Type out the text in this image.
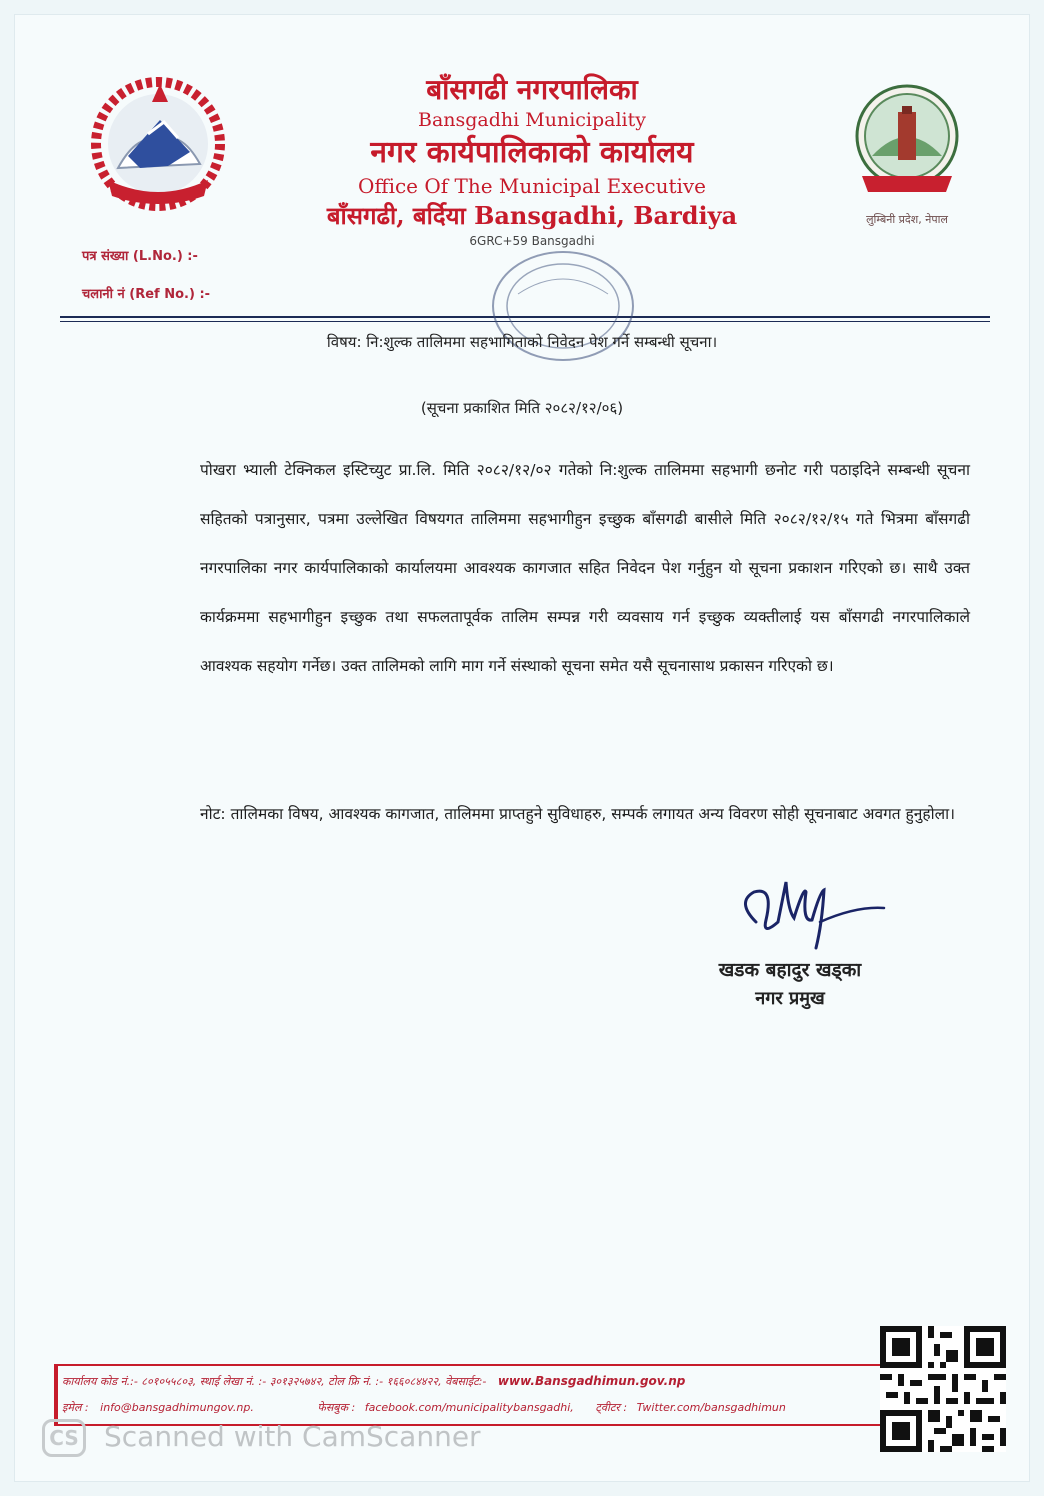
लुम्बिनी प्रदेश, नेपाल

बाँसगढी नगरपालिका

Bansgadhi Municipality

नगर कार्यपालिकाको कार्यालय

Office Of The Municipal Executive

बाँसगढी, बर्दिया Bansgadhi, Bardiya

6GRC+59 Bansgadhi

पत्र संख्या (L.No.) :-
चलानी नं (Ref No.) :-
विषय: नि:शुल्क तालिममा सहभागिताको निवेदन पेश गर्ने सम्बन्धी सूचना।
(सूचना प्रकाशित मिति २०८२/१२/०६)
पोखरा भ्याली टेक्निकल इस्टिच्युट प्रा.लि. मिति २०८२/१२/०२ गतेको नि:शुल्क तालिममा सहभागी छनोट गरी पठाइदिने सम्बन्धी सूचना सहितको पत्रानुसार, पत्रमा उल्लेखित विषयगत तालिममा सहभागीहुन इच्छुक बाँसगढी बासीले मिति २०८२/१२/१५ गते भित्रमा बाँसगढी नगरपालिका नगर कार्यपालिकाको कार्यालयमा आवश्यक कागजात सहित निवेदन पेश गर्नुहुन यो सूचना प्रकाशन गरिएको छ। साथै उक्त कार्यक्रममा सहभागीहुन इच्छुक तथा सफलतापूर्वक तालिम सम्पन्न गरी व्यवसाय गर्न इच्छुक व्यक्तीलाई यस बाँसगढी नगरपालिकाले आवश्यक सहयोग गर्नेछ। उक्त तालिमको लागि माग गर्ने संस्थाको सूचना समेत यसै सूचनासाथ प्रकासन गरिएको छ।
नोट: तालिमका विषय, आवश्यक कागजात, तालिममा प्राप्तहुने सुविधाहरु, सम्पर्क लगायत अन्य विवरण सोही सूचनाबाट अवगत हुनुहोला।
खडक बहादुर खड्का
नगर प्रमुख
कार्यालय कोड नं.:- ८०१०५५८०३, स्थाई लेखा नं. :- ३०१३२५७४२, टोल फ्रि नं. :- १६६०८४४२२, वेबसाईट:- www.Bansgadhimun.gov.np
इमेल : info@bansgadhimungov.np.	फेसबुक : facebook.com/municipalitybansgadhi, ट्वीटर : Twitter.com/bansgadhimun
CS Scanned with CamScanner
